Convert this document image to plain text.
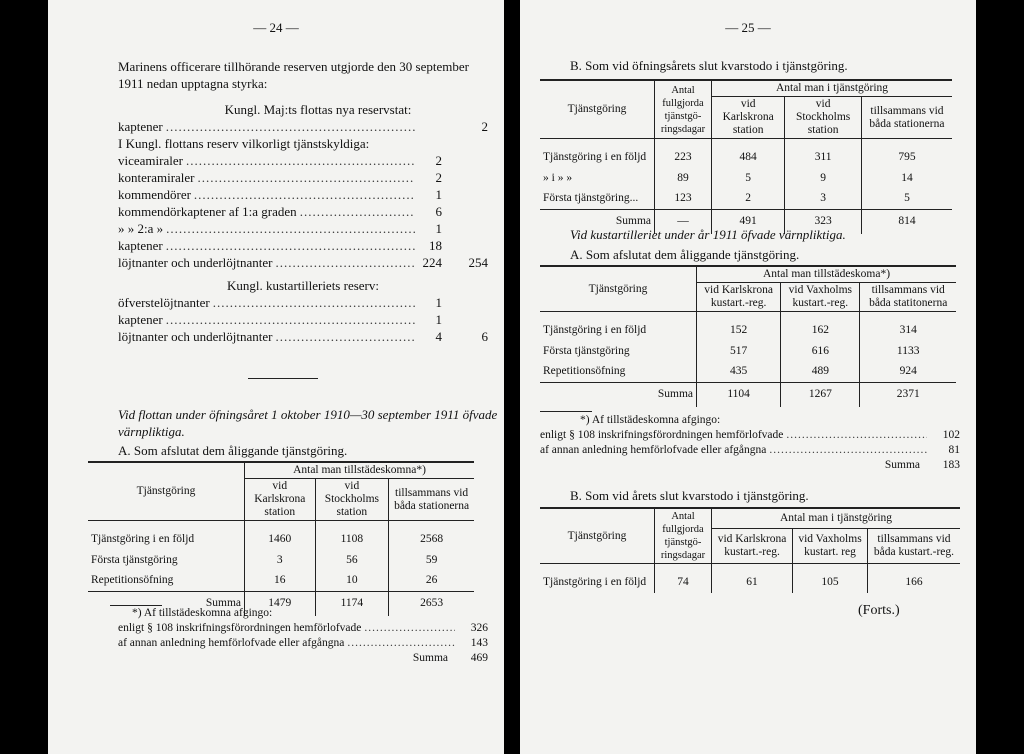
— 24 —
Marinens officerare tillhörande reserven utgjorde den 30 september 1911 nedan upptagna styrka:
Kungl. Maj:ts flottas nya reservstat:
kaptener .....	2
I Kungl. flottans reserv vilkorligt tjänstskyldiga:
viceamiraler .....	2
konteramiraler .....	2
kommendörer .....	1
kommendörkaptener af 1:a graden .....	6
» » 2:a » .....	1
kaptener .....	18
löjtnanter och underlöjtnanter .....	224	254
Kungl. kustartilleriets reserv:
öfverstelöjtnanter .....	1
kaptener .....	1
löjtnanter och underlöjtnanter .....	4	6
Vid flottan under öfningsåret 1 oktober 1910—30 september 1911 öfvade värnpliktiga.
A. Som afslutat dem åliggande tjänstgöring.
Tjänstgöring	Antal man tillstädeskomna*)		
	vid Karlskrona station	vid Stockholms station	tillsammans vid båda stationerna

Tjänstgöring i en följd	1460	1108	2568
Första tjänstgöring	3	56	59
Repetitionsöfning	16	10	26
Summa	1479	1174	2653
*) Af tillstädeskomna afgingo:
enligt § 108 inskrifningsförordningen hemförlofvade .....	326
af annan anledning hemförlofvade eller afgångna .....	143
Summa	469
— 25 —
B. Som vid öfningsårets slut kvarstodo i tjänstgöring.
Tjänstgöring	Antal fullgjorda tjänstgö-ringsdagar	Antal man i tjänstgöring		
		vid Karlskrona station	vid Stockholms station	tillsammans vid båda stationerna

Tjänstgöring i en följd	223	484	311	795
» i » »	89	5	9	14
Första tjänstgöring...	123	2	3	5
Summa	—	491	323	814
Vid kustartilleriet under år 1911 öfvade värnpliktiga.
A. Som afslutat dem åliggande tjänstgöring.
Tjänstgöring	Antal man tillstädeskoma*)		
	vid Karlskrona kustart.-reg.	vid Vaxholms kustart.-reg.	tillsammans vid båda statitonerna

Tjänstgöring i en följd	152	162	314
Första tjänstgöring	517	616	1133
Repetitionsöfning	435	489	924
Summa	1104	1267	2371
*) Af tillstädeskomna afgingo:
enligt § 108 inskrifningsförordningen hemförlofvade .....	102
af annan anledning hemförlofvade eller afgångna .....	81
Summa	183
B. Som vid årets slut kvarstodo i tjänstgöring.
Tjänstgöring	Antal fullgjorda tjänstgö-ringsdagar	Antal man i tjänstgöring		
		vid Karlskrona kustart.-reg.	vid Vaxholms kustart. reg	tillsammans vid båda kustart.-reg.

Tjänstgöring i en följd	74	61	105	166
(Forts.)
